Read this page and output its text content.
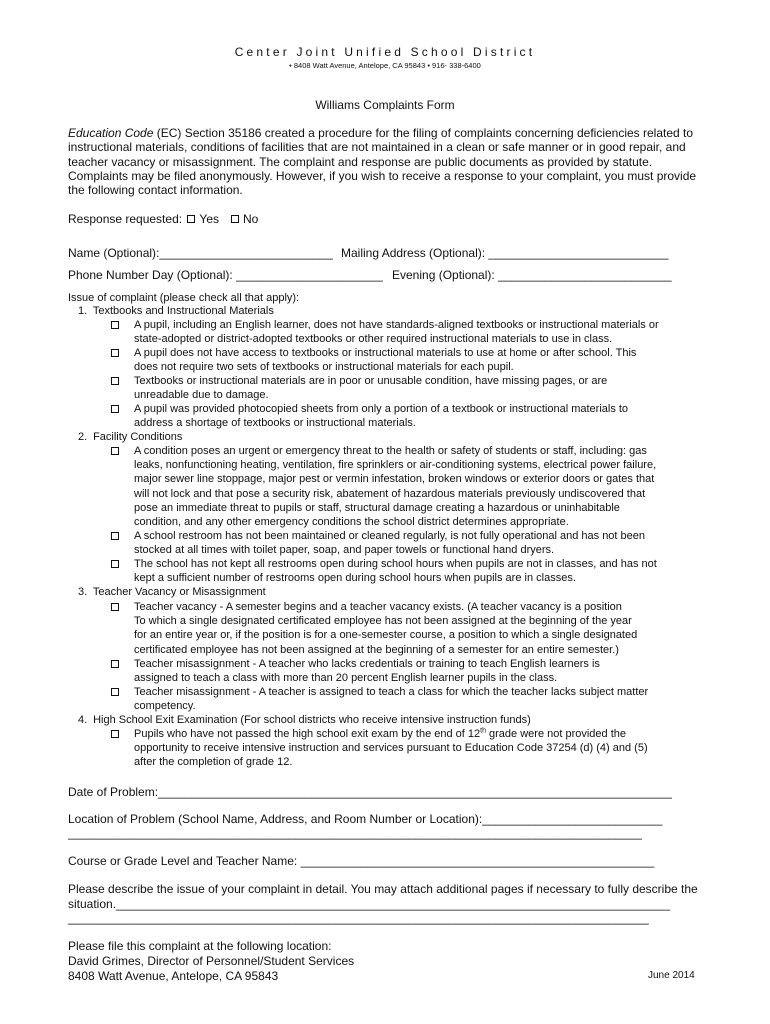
Center Joint Unified School District
• 8408 Watt Avenue, Antelope, CA 95843 • 916- 338-6400
Williams Complaints Form
Education Code (EC) Section 35186 created a procedure for the filing of complaints concerning deficiencies related to
instructional materials, conditions of facilities that are not maintained in a clean or safe manner or in good repair, and
teacher vacancy or misassignment. The complaint and response are public documents as provided by statute.
Complaints may be filed anonymously. However, if you wish to receive a response to your complaint, you must provide
the following contact information.
Response requested: Yes No
Name (Optional):__________________________ Mailing Address (Optional): ___________________________
Phone Number Day (Optional): ______________________ Evening (Optional): __________________________
Issue of complaint (please check all that apply):
1. Textbooks and Instructional Materials
A pupil, including an English learner, does not have standards-aligned textbooks or instructional materials or
state-adopted or district-adopted textbooks or other required instructional materials to use in class.
A pupil does not have access to textbooks or instructional materials to use at home or after school. This
does not require two sets of textbooks or instructional materials for each pupil.
Textbooks or instructional materials are in poor or unusable condition, have missing pages, or are
unreadable due to damage.
A pupil was provided photocopied sheets from only a portion of a textbook or instructional materials to
address a shortage of textbooks or instructional materials.
2. Facility Conditions
A condition poses an urgent or emergency threat to the health or safety of students or staff, including: gas
leaks, nonfunctioning heating, ventilation, fire sprinklers or air-conditioning systems, electrical power failure,
major sewer line stoppage, major pest or vermin infestation, broken windows or exterior doors or gates that
will not lock and that pose a security risk, abatement of hazardous materials previously undiscovered that
pose an immediate threat to pupils or staff, structural damage creating a hazardous or uninhabitable
condition, and any other emergency conditions the school district determines appropriate.
A school restroom has not been maintained or cleaned regularly, is not fully operational and has not been
stocked at all times with toilet paper, soap, and paper towels or functional hand dryers.
The school has not kept all restrooms open during school hours when pupils are not in classes, and has not
kept a sufficient number of restrooms open during school hours when pupils are in classes.
3. Teacher Vacancy or Misassignment
Teacher vacancy - A semester begins and a teacher vacancy exists. (A teacher vacancy is a position
To which a single designated certificated employee has not been assigned at the beginning of the year
for an entire year or, if the position is for a one-semester course, a position to which a single designated
certificated employee has not been assigned at the beginning of a semester for an entire semester.)
Teacher misassignment - A teacher who lacks credentials or training to teach English learners is
assigned to teach a class with more than 20 percent English learner pupils in the class.
Teacher misassignment - A teacher is assigned to teach a class for which the teacher lacks subject matter
competency.
4. High School Exit Examination (For school districts who receive intensive instruction funds)
Pupils who have not passed the high school exit exam by the end of 12th grade were not provided the
opportunity to receive intensive instruction and services pursuant to Education Code 37254 (d) (4) and (5)
after the completion of grade 12.
Date of Problem:_____________________________________________________________________________
Location of Problem (School Name, Address, and Room Number or Location):___________________________
______________________________________________________________________________________
Course or Grade Level and Teacher Name: _____________________________________________________
Please describe the issue of your complaint in detail. You may attach additional pages if necessary to fully describe the
situation.___________________________________________________________________________________
_______________________________________________________________________________________
Please file this complaint at the following location:
David Grimes, Director of Personnel/Student Services
8408 Watt Avenue, Antelope, CA 95843	June 2014
